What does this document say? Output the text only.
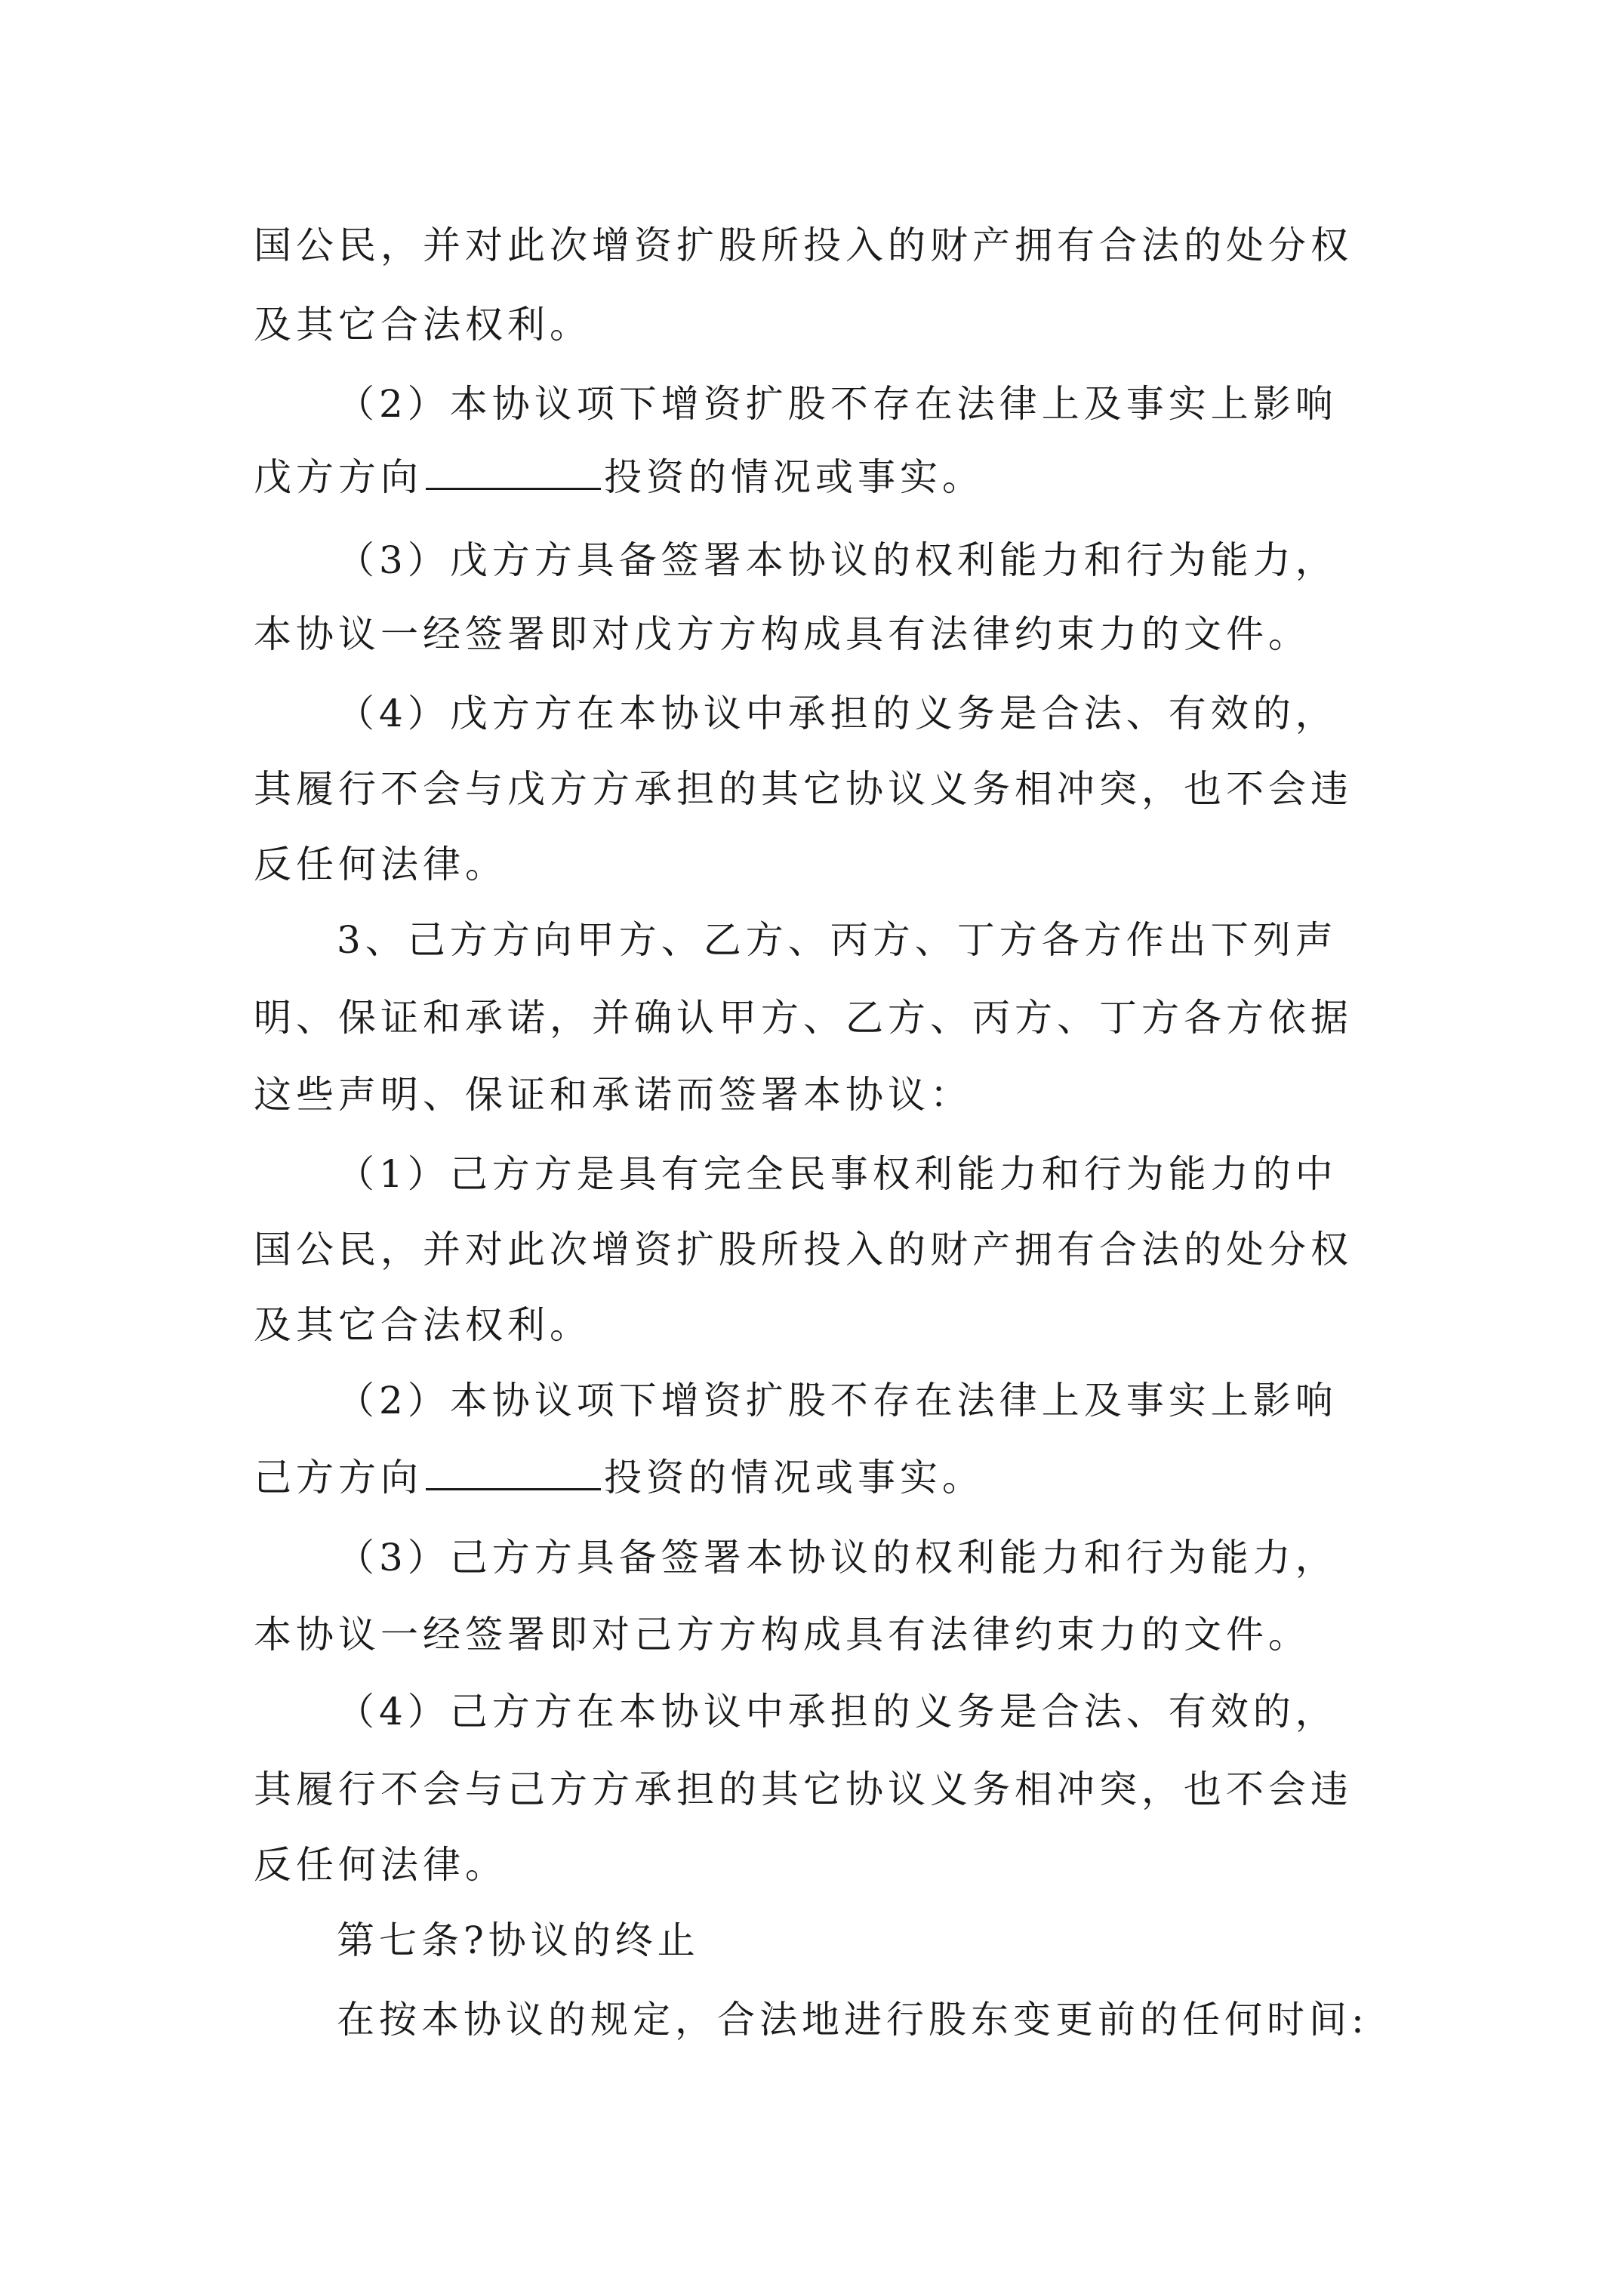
国公民，并对此次增资扩股所投入的财产拥有合法的处分权
及其它合法权利。
（2）本协议项下增资扩股不存在法律上及事实上影响
戊方方向	投资的情况或事实。
（3）戊方方具备签署本协议的权利能力和行为能力，
本协议一经签署即对戊方方构成具有法律约束力的文件。
（4）戊方方在本协议中承担的义务是合法、有效的，
其履行不会与戊方方承担的其它协议义务相冲突，也不会违
反任何法律。
3、己方方向甲方、乙方、丙方、丁方各方作出下列声
明、保证和承诺，并确认甲方、乙方、丙方、丁方各方依据
这些声明、保证和承诺而签署本协议：
（1）己方方是具有完全民事权利能力和行为能力的中
国公民，并对此次增资扩股所投入的财产拥有合法的处分权
及其它合法权利。
（2）本协议项下增资扩股不存在法律上及事实上影响
己方方向	投资的情况或事实。
（3）己方方具备签署本协议的权利能力和行为能力，
本协议一经签署即对己方方构成具有法律约束力的文件。
（4）己方方在本协议中承担的义务是合法、有效的，
其履行不会与己方方承担的其它协议义务相冲突，也不会违
反任何法律。
第七条?协议的终止
在按本协议的规定，合法地进行股东变更前的任何时间:
